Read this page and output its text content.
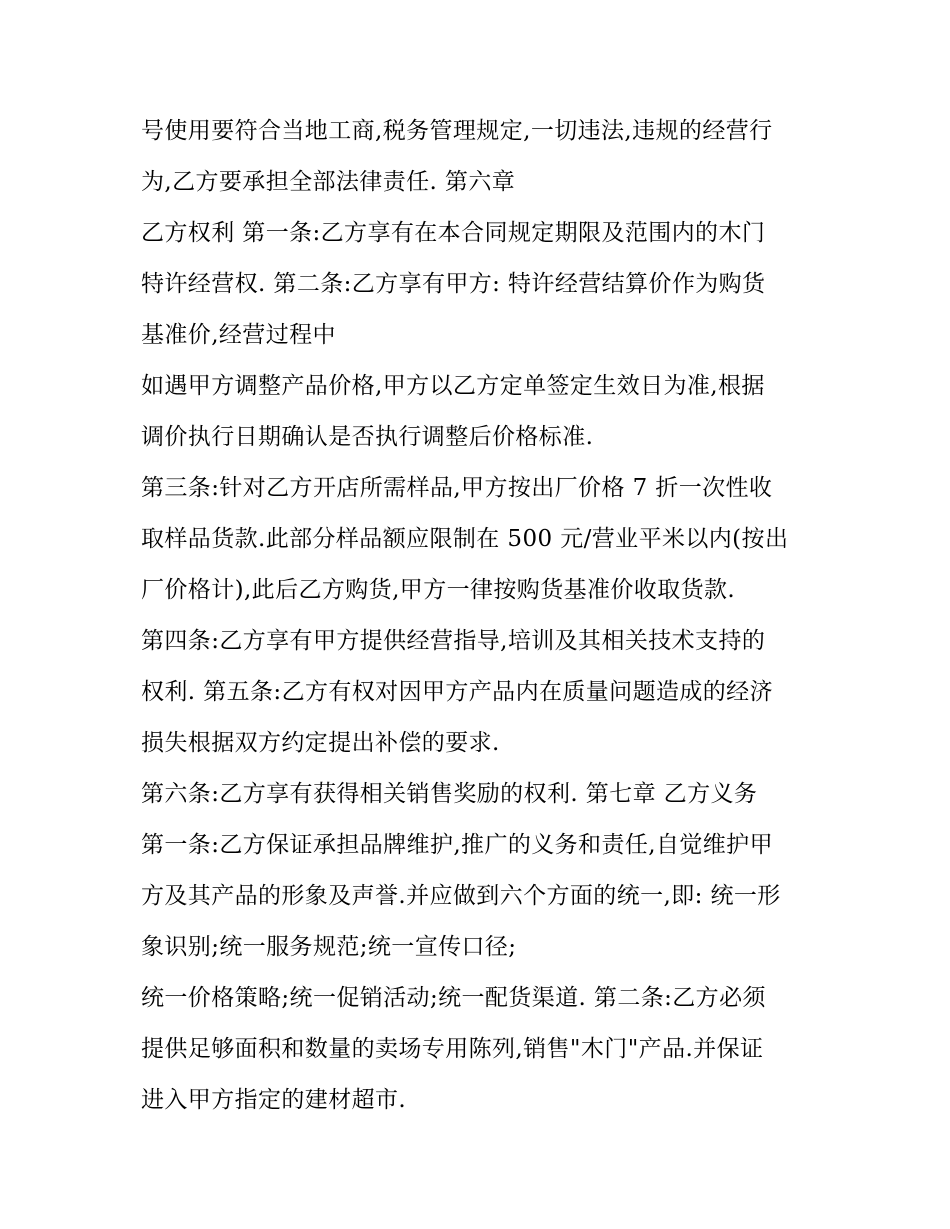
号使用要符合当地工商,税务管理规定,一切违法,违规的经营行
为,乙方要承担全部法律责任. 第六章
乙方权利 第一条:乙方享有在本合同规定期限及范围内的木门
特许经营权. 第二条:乙方享有甲方: 特许经营结算价作为购货
基准价,经营过程中
如遇甲方调整产品价格,甲方以乙方定单签定生效日为准,根据
调价执行日期确认是否执行调整后价格标准.
第三条:针对乙方开店所需样品,甲方按出厂价格 7 折一次性收
取样品货款.此部分样品额应限制在 500 元/营业平米以内(按出
厂价格计),此后乙方购货,甲方一律按购货基准价收取货款.
第四条:乙方享有甲方提供经营指导,培训及其相关技术支持的
权利. 第五条:乙方有权对因甲方产品内在质量问题造成的经济
损失根据双方约定提出补偿的要求.
第六条:乙方享有获得相关销售奖励的权利. 第七章 乙方义务
第一条:乙方保证承担品牌维护,推广的义务和责任,自觉维护甲
方及其产品的形象及声誉.并应做到六个方面的统一,即: 统一形
象识别;统一服务规范;统一宣传口径;
统一价格策略;统一促销活动;统一配货渠道. 第二条:乙方必须
提供足够面积和数量的卖场专用陈列,销售"木门"产品.并保证
进入甲方指定的建材超市.
